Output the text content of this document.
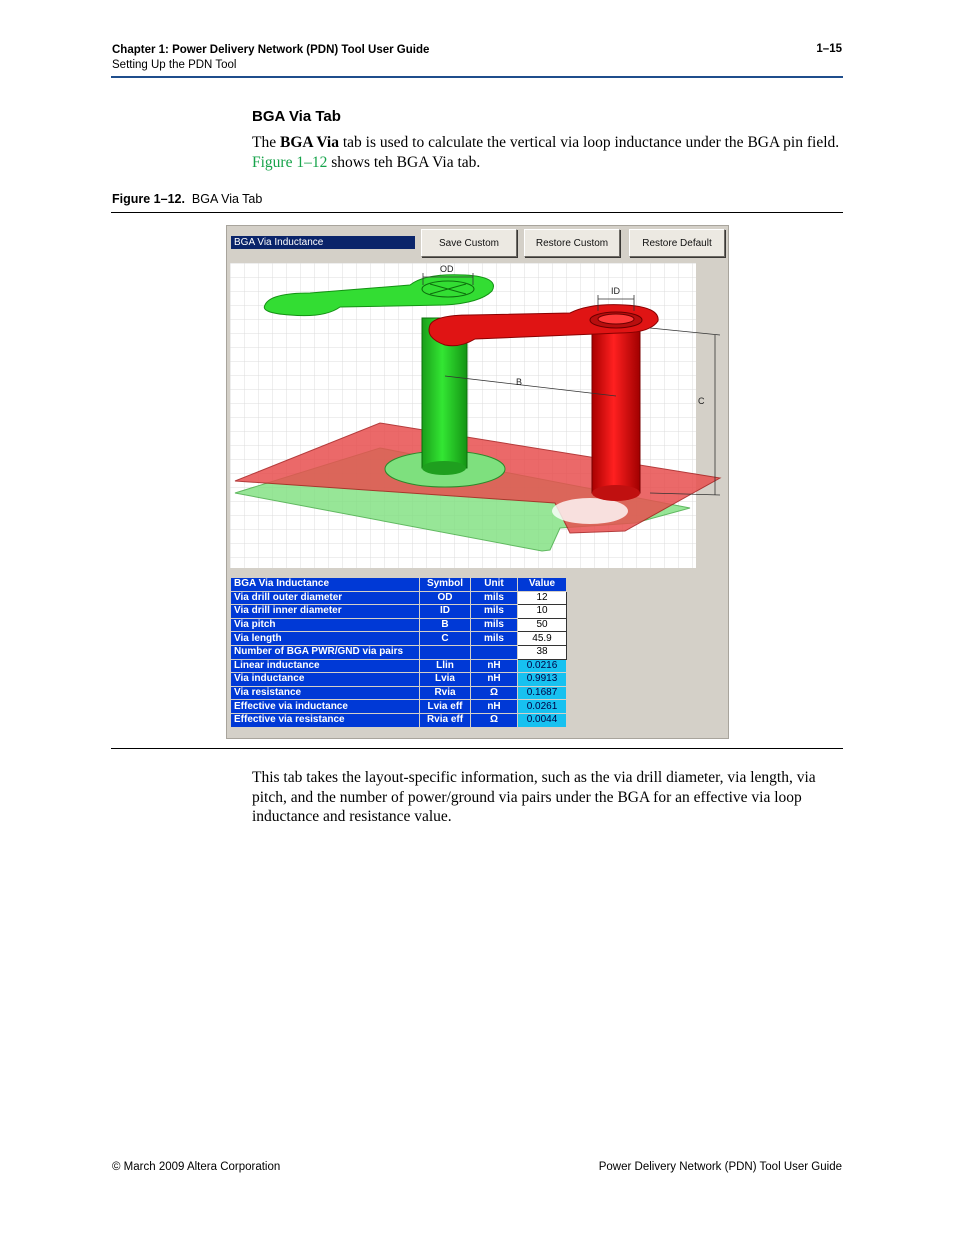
Chapter 1: Power Delivery Network (PDN) Tool User Guide
Setting Up the PDN Tool
1–15
BGA Via Tab
The BGA Via tab is used to calculate the vertical via loop inductance under the BGA pin field. Figure 1–12 shows teh BGA Via tab.
Figure 1–12. BGA Via Tab
BGA Via Inductance	Save Custom	Restore Custom	Restore Default
OD
ID
B
C
BGA Via Inductance	Symbol	Unit	Value
Via drill outer diameter	OD	mils	12
Via drill inner diameter	ID	mils	10
Via pitch	B	mils	50
Via length	C	mils	45.9
Number of BGA PWR/GND via pairs			38
Linear inductance	Llin	nH	0.0216
Via inductance	Lvia	nH	0.9913
Via resistance	Rvia	Ω	0.1687
Effective via inductance	Lvia eff	nH	0.0261
Effective via resistance	Rvia eff	Ω	0.0044
This tab takes the layout-specific information, such as the via drill diameter, via length, via pitch, and the number of power/ground via pairs under the BGA for an effective via loop inductance and resistance value.
© March 2009 Altera Corporation	Power Delivery Network (PDN) Tool User Guide
